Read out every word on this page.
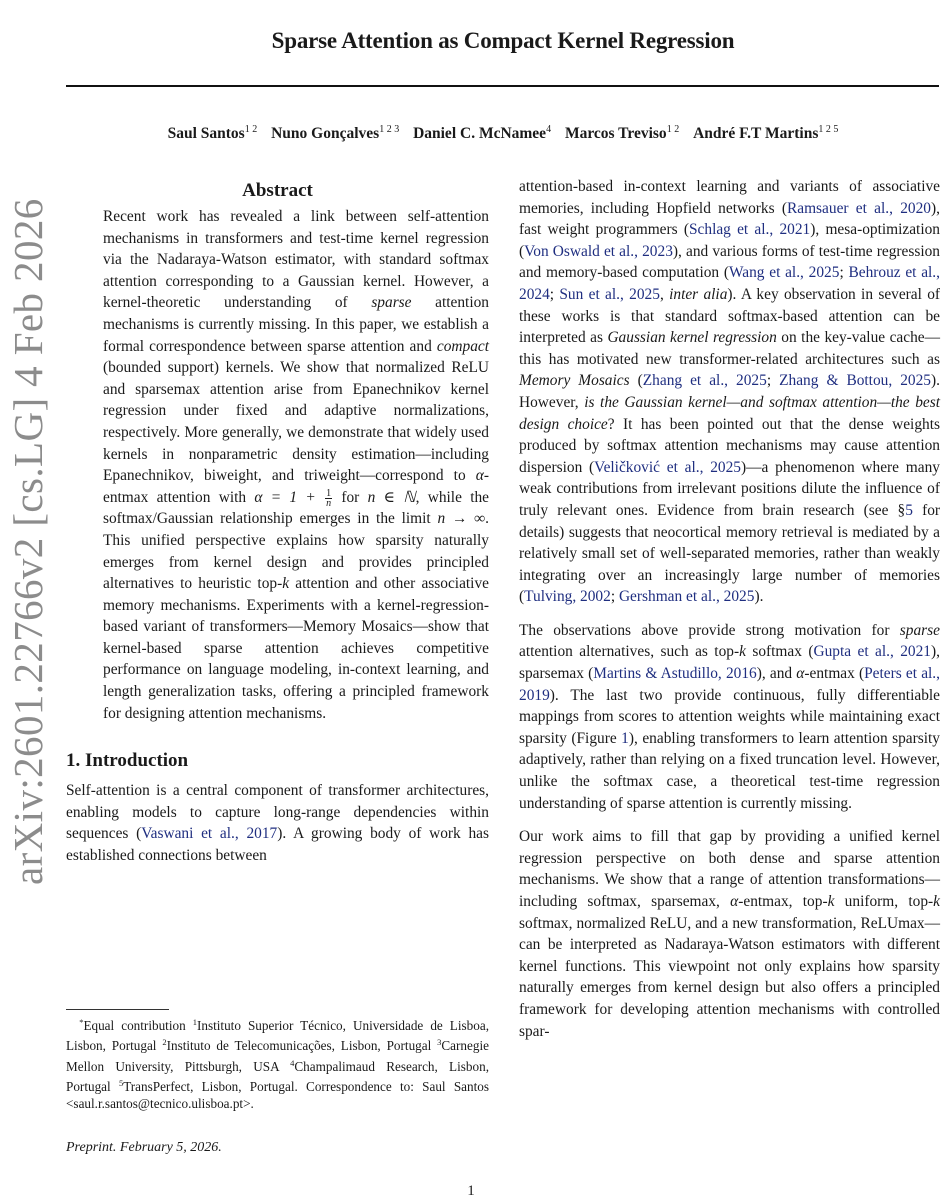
arXiv:2601.22766v2 [cs.LG] 4 Feb 2026
Sparse Attention as Compact Kernel Regression
Saul Santos$^{1 2}$ Nuno Gonçalves$^{1 2 3}$ Daniel C. McNamee$^4$ Marcos Treviso$^{1 2}$ André F.T Martins$^{1 2 5}$
Abstract

Recent work has revealed a link between self-attention mechanisms in transformers and test-time kernel regression via the Nadaraya-Watson estimator, with standard softmax attention corresponding to a Gaussian kernel. However, a kernel-theoretic understanding of sparse attention mechanisms is currently missing. In this paper, we establish a formal correspondence between sparse attention and compact (bounded support) kernels. We show that normalized ReLU and sparsemax attention arise from Epanechnikov kernel regression under fixed and adaptive normalizations, respectively. More generally, we demonstrate that widely used kernels in nonparametric density estimation—including Epanechnikov, biweight, and triweight—correspond to α-entmax attention with $\alpha = 1 + \frac{1}{n}$ for n ∈ ℕ, while the softmax/Gaussian relationship emerges in the limit n → ∞. This unified perspective explains how sparsity naturally emerges from kernel design and provides principled alternatives to heuristic top-k attention and other associative memory mechanisms. Experiments with a kernel-regression-based variant of transformers—Memory Mosaics—show that kernel-based sparse attention achieves competitive performance on language modeling, in-context learning, and length generalization tasks, offering a principled framework for designing attention mechanisms.

1. Introduction

Self-attention is a central component of transformer architectures, enabling models to capture long-range dependencies within sequences (Vaswani et al., 2017). A growing body of work has established connections between

attention-based in-context learning and variants of associative memories, including Hopfield networks (Ramsauer et al., 2020), fast weight programmers (Schlag et al., 2021), mesa-optimization (Von Oswald et al., 2023), and various forms of test-time regression and memory-based computation (Wang et al., 2025; Behrouz et al., 2024; Sun et al., 2025, inter alia). A key observation in several of these works is that standard softmax-based attention can be interpreted as Gaussian kernel regression on the key-value cache—this has motivated new transformer-related architectures such as Memory Mosaics (Zhang et al., 2025; Zhang & Bottou, 2025). However, is the Gaussian kernel—and softmax attention—the best design choice? It has been pointed out that the dense weights produced by softmax attention mechanisms may cause attention dispersion (Veličković et al., 2025)—a phenomenon where many weak contributions from irrelevant positions dilute the influence of truly relevant ones. Evidence from brain research (see §5 for details) suggests that neocortical memory retrieval is mediated by a relatively small set of well-separated memories, rather than weakly integrating over an increasingly large number of memories (Tulving, 2002; Gershman et al., 2025).

The observations above provide strong motivation for sparse attention alternatives, such as top-k softmax (Gupta et al., 2021), sparsemax (Martins & Astudillo, 2016), and α-entmax (Peters et al., 2019). The last two provide continuous, fully differentiable mappings from scores to attention weights while maintaining exact sparsity (Figure 1), enabling transformers to learn attention sparsity adaptively, rather than relying on a fixed truncation level. However, unlike the softmax case, a theoretical test-time regression understanding of sparse attention is currently missing.

Our work aims to fill that gap by providing a unified kernel regression perspective on both dense and sparse attention mechanisms. We show that a range of attention transformations—including softmax, sparsemax, α-entmax, top-k uniform, top-k softmax, normalized ReLU, and a new transformation, ReLUmax—can be interpreted as Nadaraya-Watson estimators with different kernel functions. This viewpoint not only explains how sparsity naturally emerges from kernel design but also offers a principled framework for developing attention mechanisms with controlled spar-

 *Equal contribution $^1$Instituto Superior Técnico, Universidade de Lisboa, Lisbon, Portugal $^2$Instituto de Telecomunicações, Lisbon, Portugal $^3$Carnegie Mellon University, Pittsburgh, USA $^4$Champalimaud Research, Lisbon, Portugal $^5$TransPerfect, Lisbon, Portugal. Correspondence to: Saul Santos <saul.r.santos@tecnico.ulisboa.pt>.
Preprint. February 5, 2026.
1
